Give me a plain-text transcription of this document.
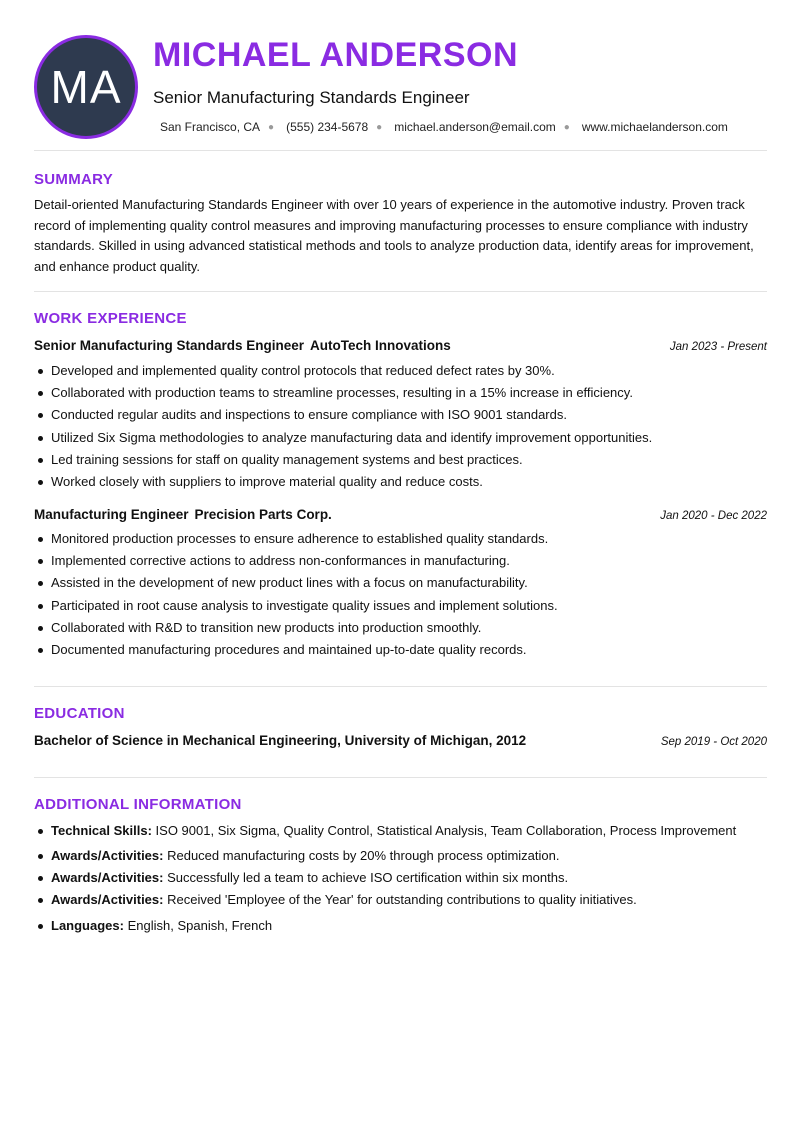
MA
MICHAEL ANDERSON
Senior Manufacturing Standards Engineer
San Francisco, CA ● (555) 234-5678 ● michael.anderson@email.com ● www.michaelanderson.com
SUMMARY

Detail-oriented Manufacturing Standards Engineer with over 10 years of experience in the automotive industry. Proven track record of implementing quality control measures and improving manufacturing processes to ensure compliance with industry standards. Skilled in using advanced statistical methods and tools to analyze production data, identify areas for improvement, and enhance product quality.

WORK EXPERIENCE
Senior Manufacturing Standards Engineer AutoTech Innovations	Jan 2023 - Present
Developed and implemented quality control protocols that reduced defect rates by 30%.
Collaborated with production teams to streamline processes, resulting in a 15% increase in efficiency.
Conducted regular audits and inspections to ensure compliance with ISO 9001 standards.
Utilized Six Sigma methodologies to analyze manufacturing data and identify improvement opportunities.
Led training sessions for staff on quality management systems and best practices.
Worked closely with suppliers to improve material quality and reduce costs.
Manufacturing Engineer Precision Parts Corp.	Jan 2020 - Dec 2022
Monitored production processes to ensure adherence to established quality standards.
Implemented corrective actions to address non-conformances in manufacturing.
Assisted in the development of new product lines with a focus on manufacturability.
Participated in root cause analysis to investigate quality issues and implement solutions.
Collaborated with R&D to transition new products into production smoothly.
Documented manufacturing procedures and maintained up-to-date quality records.
EDUCATION
Bachelor of Science in Mechanical Engineering, University of Michigan, 2012	Sep 2019 - Oct 2020
ADDITIONAL INFORMATION
Technical Skills: ISO 9001, Six Sigma, Quality Control, Statistical Analysis, Team Collaboration, Process Improvement
Awards/Activities: Reduced manufacturing costs by 20% through process optimization.
Awards/Activities: Successfully led a team to achieve ISO certification within six months.
Awards/Activities: Received 'Employee of the Year' for outstanding contributions to quality initiatives.
Languages: English, Spanish, French
